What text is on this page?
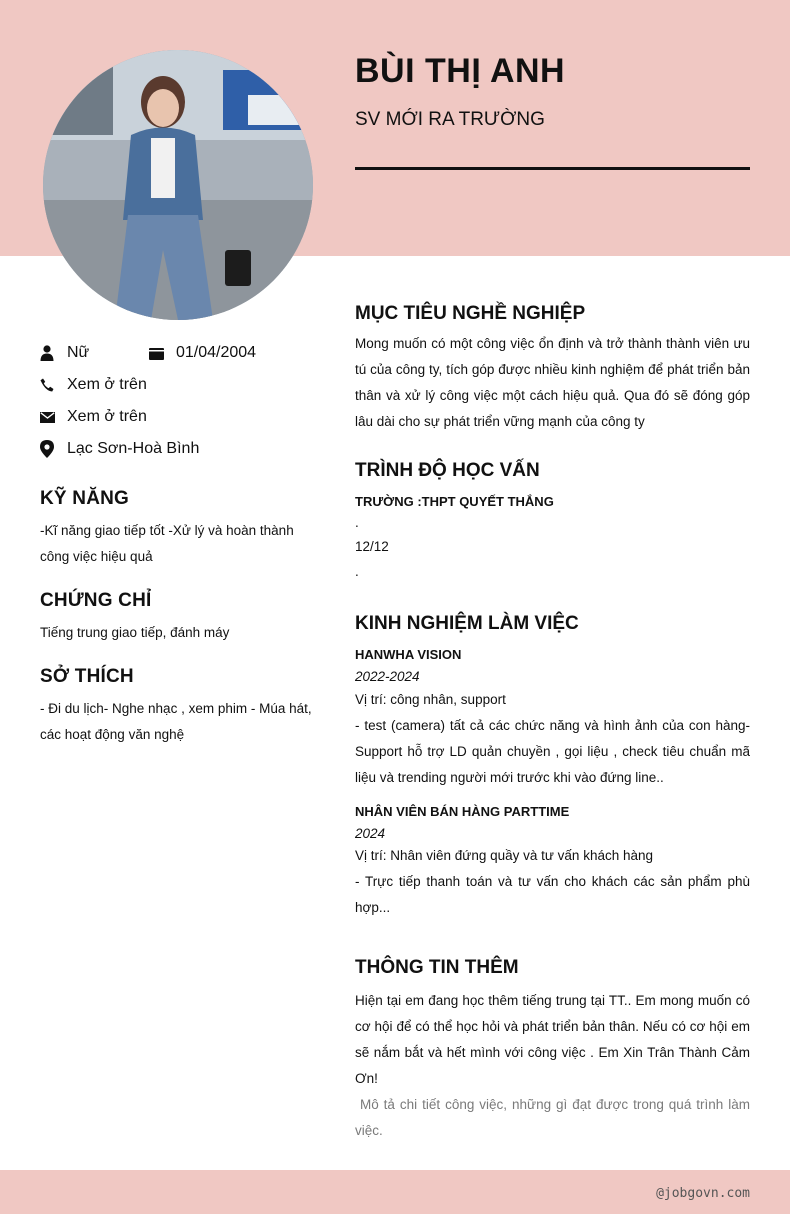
BÙI THỊ ANH
SV MỚI RA TRƯỜNG
Nữ	01/04/2004
Xem ở trên
Xem ở trên
Lạc Sơn-Hoà Bình
KỸ NĂNG
-Kĩ năng giao tiếp tốt -Xử lý và hoàn thành công việc hiệu quả
CHỨNG CHỈ
Tiếng trung giao tiếp, đánh máy
SỞ THÍCH
- Đi du lịch- Nghe nhạc , xem phim - Múa hát, các hoạt động văn nghệ
MỤC TIÊU NGHỀ NGHIỆP
Mong muốn có một công việc ổn định và trở thành thành viên ưu tú của công ty, tích góp được nhiều kinh nghiệm để phát triển bản thân và xử lý công việc một cách hiệu quả. Qua đó sẽ đóng góp lâu dài cho sự phát triển vững mạnh của công ty
TRÌNH ĐỘ HỌC VẤN
TRƯỜNG :THPT QUYẾT THẮNG
.
12/12
.
KINH NGHIỆM LÀM VIỆC
HANWHA VISION
2022-2024
Vị trí: công nhân, support
- test (camera) tất cả các chức năng và hình ảnh của con hàng- Support hỗ trợ LD quản chuyền , gọi liệu , check tiêu chuẩn mã liệu và trending người mới trước khi vào đứng line..
NHÂN VIÊN BÁN HÀNG PARTTIME
2024
Vị trí: Nhân viên đứng quầy và tư vấn khách hàng
- Trực tiếp thanh toán và tư vấn cho khách các sản phẩm phù hợp...
THÔNG TIN THÊM
Hiện tại em đang học thêm tiếng trung tại TT.. Em mong muốn có cơ hội để có thể học hỏi và phát triển bản thân. Nếu có cơ hội em sẽ nắm bắt và hết mình với công việc . Em Xin Trân Thành Cảm Ơn!
Mô tả chi tiết công việc, những gì đạt được trong quá trình làm việc.
@jobgovn.com
